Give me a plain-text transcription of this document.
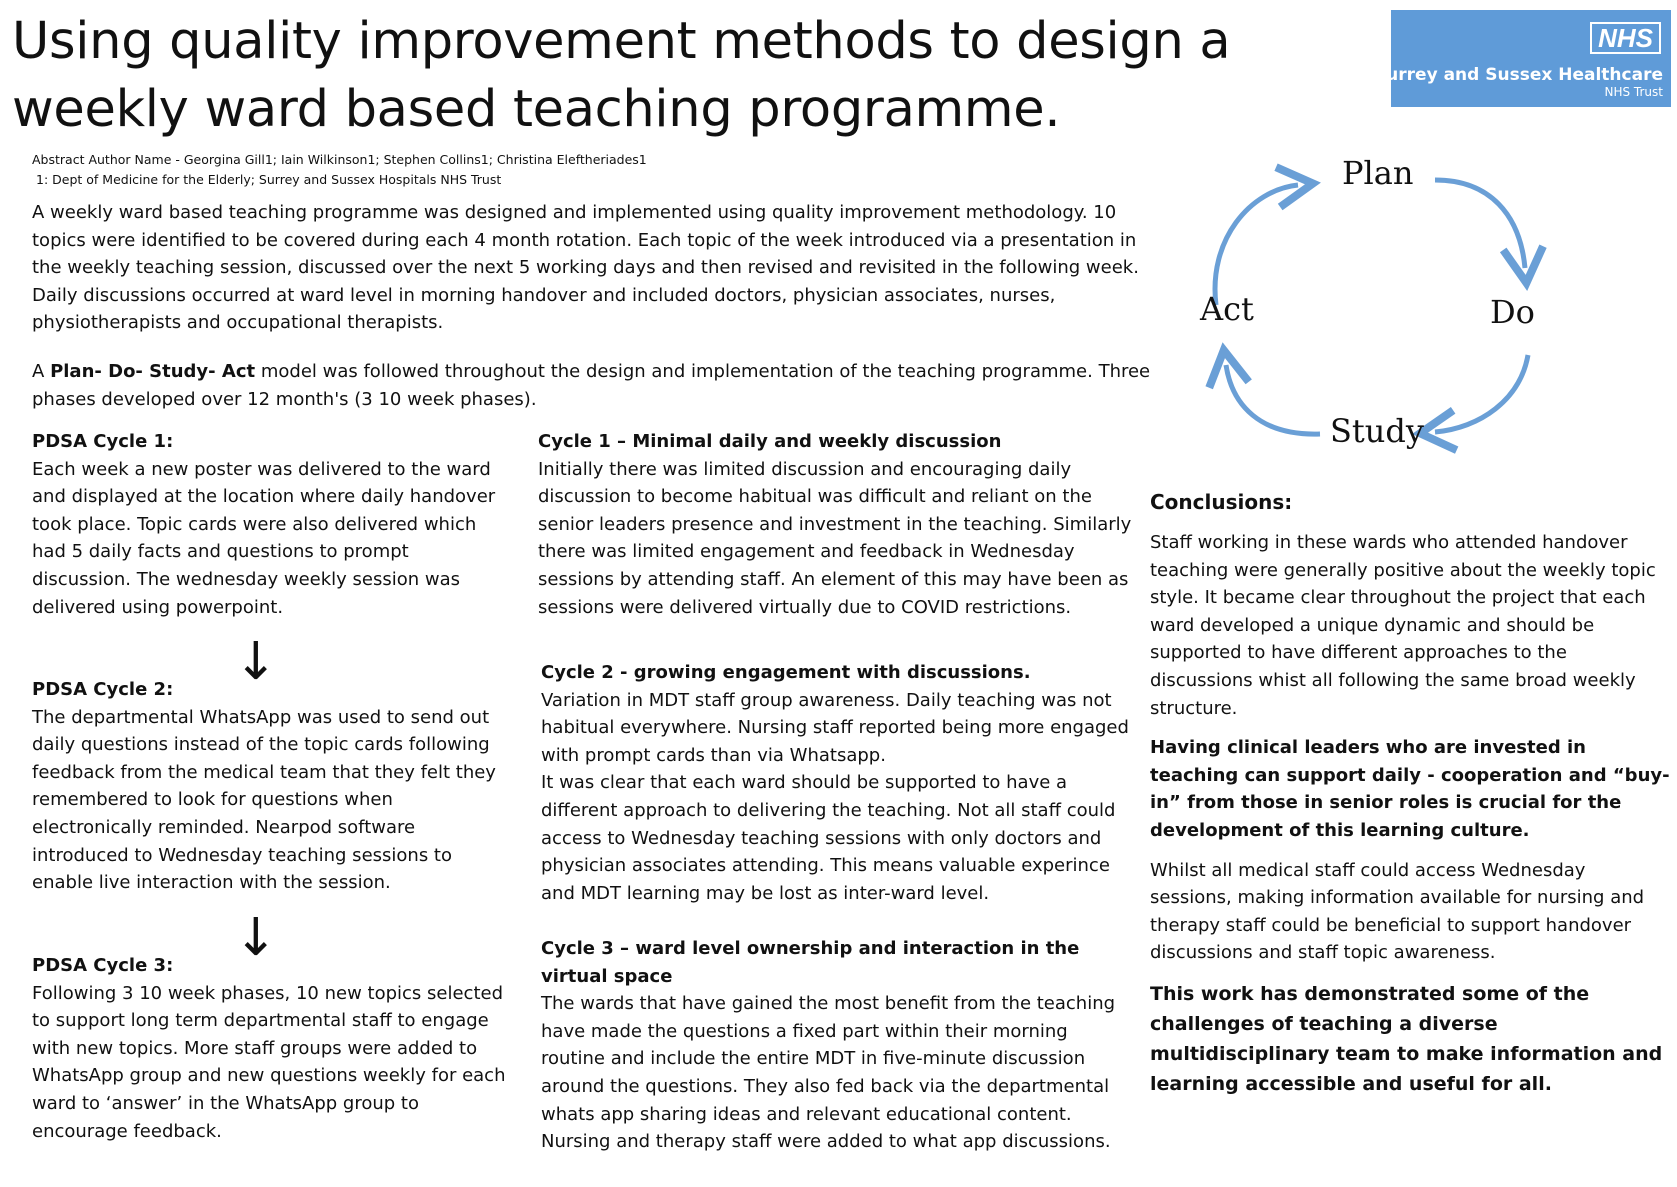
Using quality improvement methods to design a weekly ward based teaching programme.
NHS
Surrey and Sussex Healthcare
NHS Trust
Abstract Author Name - Georgina Gill1; Iain Wilkinson1; Stephen Collins1; Christina Eleftheriades1
1: Dept of Medicine for the Elderly; Surrey and Sussex Hospitals NHS Trust

A weekly ward based teaching programme was designed and implemented using quality improvement methodology. 10 topics were identified to be covered during each 4 month rotation. Each topic of the week introduced via a presentation in the weekly teaching session, discussed over the next 5 working days and then revised and revisited in the following week. Daily discussions occurred at ward level in morning handover and included doctors, physician associates, nurses, physiotherapists and occupational therapists.

A Plan- Do- Study- Act model was followed throughout the design and implementation of the teaching programme. Three phases developed over 12 month's (3 10 week phases).

PDSA Cycle 1:

Each week a new poster was delivered to the ward and displayed at the location where daily handover took place. Topic cards were also delivered which had 5 daily facts and questions to prompt discussion. The wednesday weekly session was delivered using powerpoint.

↓

PDSA Cycle 2:

The departmental WhatsApp was used to send out daily questions instead of the topic cards following feedback from the medical team that they felt they remembered to look for questions when electronically reminded. Nearpod software introduced to Wednesday teaching sessions to enable live interaction with the session.

↓

PDSA Cycle 3:

Following 3 10 week phases, 10 new topics selected to support long term departmental staff to engage with new topics. More staff groups were added to WhatsApp group and new questions weekly for each ward to ‘answer’ in the WhatsApp group to encourage feedback.

Cycle 1 – Minimal daily and weekly discussion

Initially there was limited discussion and encouraging daily discussion to become habitual was difficult and reliant on the senior leaders presence and investment in the teaching. Similarly there was limited engagement and feedback in Wednesday sessions by attending staff. An element of this may have been as sessions were delivered virtually due to COVID restrictions.

Cycle 2 - growing engagement with discussions.

Variation in MDT staff group awareness. Daily teaching was not habitual everywhere. Nursing staff reported being more engaged with prompt cards than via Whatsapp.

It was clear that each ward should be supported to have a different approach to delivering the teaching. Not all staff could access to Wednesday teaching sessions with only doctors and physician associates attending. This means valuable experince and MDT learning may be lost as inter-ward level.

Cycle 3 – ward level ownership and interaction in the virtual space

The wards that have gained the most benefit from the teaching have made the questions a fixed part within their morning routine and include the entire MDT in five-minute discussion around the questions. They also fed back via the departmental whats app sharing ideas and relevant educational content. Nursing and therapy staff were added to what app discussions.

Plan
Do
Study
Act

Conclusions:

Staff working in these wards who attended handover teaching were generally positive about the weekly topic style. It became clear throughout the project that each ward developed a unique dynamic and should be supported to have different approaches to the discussions whist all following the same broad weekly structure.

Having clinical leaders who are invested in teaching can support daily - cooperation and “buy-in” from those in senior roles is crucial for the development of this learning culture.

Whilst all medical staff could access Wednesday sessions, making information available for nursing and therapy staff could be beneficial to support handover discussions and staff topic awareness.

This work has demonstrated some of the challenges of teaching a diverse multidisciplinary team to make information and learning accessible and useful for all.
